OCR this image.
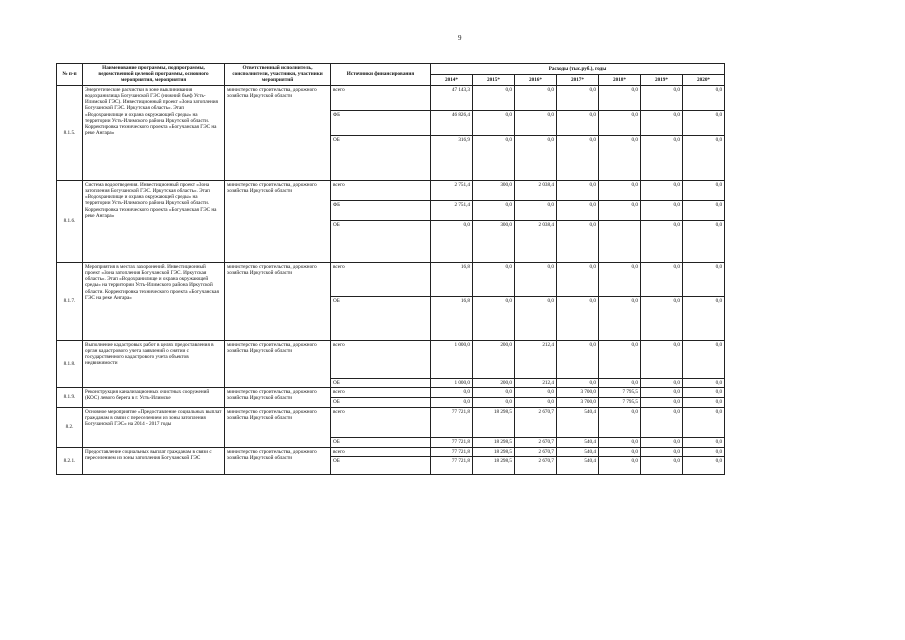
9
№ п-п	Наименование программы, подпрограммы, ведомственной целевой программы, основного мероприятия, мероприятия	Ответственный исполнитель, соисполнители, участники, участники мероприятий	Источники финансирования	Расходы (тыс.руб.), годы						
				2014*	2015*	2016*	2017*	2018*	2019*	2020*
8.1.5.	Энергетические расчистки в зоне выклинивания водохранилища Богучанской ГЭС (нижний бьеф Усть-Илимской ГЭС). Инвестиционный проект «Зона затопления Богучанской ГЭС. Иркутская область». Этап «Водохранилище и охрана окружающей среды» на территории Усть-Илимского района Иркутской области. Корректировка технического проекта «Богучанская ГЭС на реке Ангара»	министерство строительства, дорожного хозяйства Иркутской области	всего	47 143,3	0,0	0,0	0,0	0,0	0,0	0,0
			ФБ	46 826,4	0,0	0,0	0,0	0,0	0,0	0,0
			ОБ	316,9	0,0	0,0	0,0	0,0	0,0	0,0
8.1.6.	Система водоотведения. Инвестиционный проект «Зона затопления Богучанской ГЭС. Иркутская область». Этап «Водохранилище и охрана окружающей среды» на территории Усть-Илимского района Иркутской области. Корректировка технического проекта «Богучанская ГЭС на реке Ангара»	министерство строительства, дорожного хозяйства Иркутской области	всего	2 751,4	300,0	2 038,4	0,0	0,0	0,0	0,0
			ФБ	2 751,4	0,0	0,0	0,0	0,0	0,0	0,0
			ОБ	0,0	300,0	2 038,4	0,0		0,0	0,0
8.1.7.	Мероприятия в местах захоронений. Инвестиционный проект «Зона затопления Богучанской ГЭС. Иркутская область». Этап «Водохранилище и охрана окружающей среды» на территории Усть-Илимского района Иркутской области. Корректировка технического проекта «Богучанская ГЭС на реке Ангара»	министерство строительства, дорожного хозяйства Иркутской области	всего	16,8	0,0	0,0	0,0	0,0	0,0	0,0
			ОБ	16,8	0,0	0,0	0,0	0,0	0,0	0,0
8.1.8.	Выполнение кадастровых работ в целях предоставления в орган кадастрового учета заявлений о снятии с государственного кадастрового учета объектов недвижимости	министерство строительства, дорожного хозяйства Иркутской области	всего	1 000,0	200,0	212,4	0,0	0,0	0,0	0,0
			ОБ	1 000,0	200,0	212,4	0,0	0,0	0,0	0,0
8.1.9.	Реконструкция канализационных очистных сооружений (КОС) левого берега в г. Усть-Илимске	министерство строительства, дорожного хозяйства Иркутской области	всего	0,0	0,0	0,0	3 700,0	7 795,5	0,0	0,0
			ОБ	0,0	0,0	0,0	3 700,0	7 795,5	0,0	0,0
8.2.	Основное мероприятие «Предоставление социальных выплат гражданам в связи с переселением из зоны затопления Богучанской ГЭС» на 2014 - 2017 годы	министерство строительства, дорожного хозяйства Иркутской области	всего	77 721,8	18 298,5	2 670,7	540,4	0,0	0,0	0,0
			ОБ	77 721,8	18 298,5	2 670,7	540,4	0,0	0,0	0,0
8.2.1.	Предоставление социальных выплат гражданам в связи с переселением из зоны затопления Богучанской ГЭС	министерство строительства, дорожного хозяйства Иркутской области	всего	77 721,8	18 298,5	2 670,7	540,4	0,0	0,0	0,0
			ОБ	77 721,8	18 298,5	2 670,7	540,4	0,0	0,0	0,0
